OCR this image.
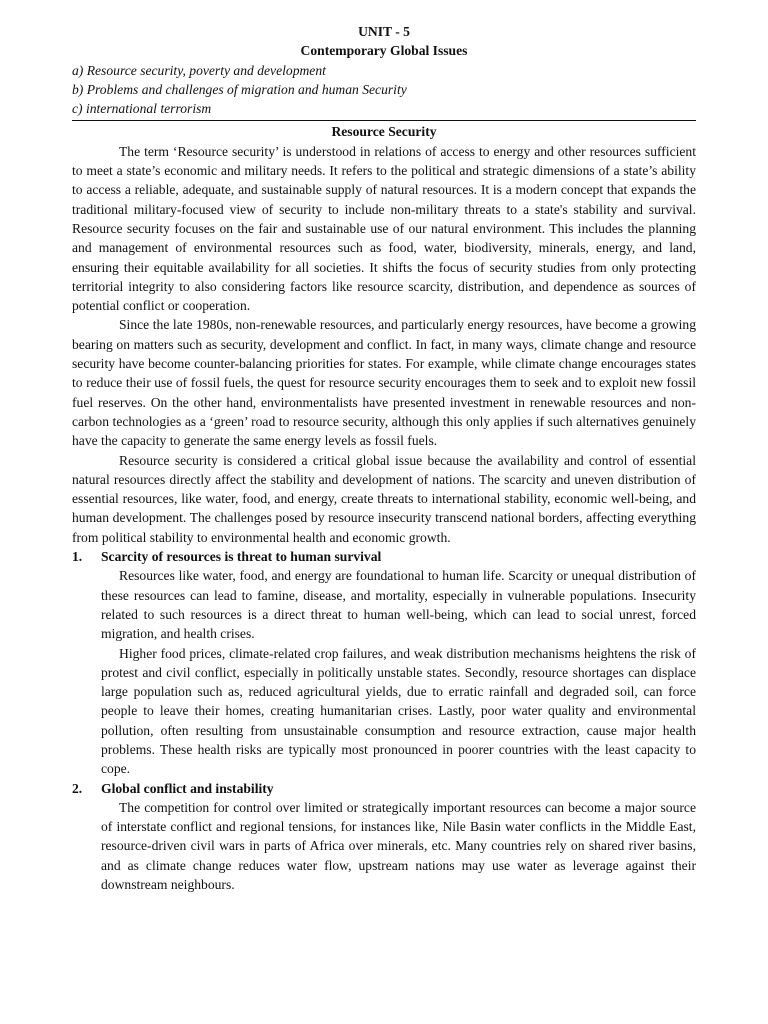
UNIT - 5

Contemporary Global Issues

a) Resource security, poverty and development

b) Problems and challenges of migration and human Security

c) international terrorism

Resource Security

The term ‘Resource security’ is understood in relations of access to energy and other resources sufficient to meet a state’s economic and military needs. It refers to the political and strategic dimensions of a state’s ability to access a reliable, adequate, and sustainable supply of natural resources. It is a modern concept that expands the traditional military-focused view of security to include non-military threats to a state's stability and survival. Resource security focuses on the fair and sustainable use of our natural environment. This includes the planning and management of environmental resources such as food, water, biodiversity, minerals, energy, and land, ensuring their equitable availability for all societies. It shifts the focus of security studies from only protecting territorial integrity to also considering factors like resource scarcity, distribution, and dependence as sources of potential conflict or cooperation.

Since the late 1980s, non-renewable resources, and particularly energy resources, have become a growing bearing on matters such as security, development and conflict. In fact, in many ways, climate change and resource security have become counter-balancing priorities for states. For example, while climate change encourages states to reduce their use of fossil fuels, the quest for resource security encourages them to seek and to exploit new fossil fuel reserves. On the other hand, environmentalists have presented investment in renewable resources and non-carbon technologies as a ‘green’ road to resource security, although this only applies if such alternatives genuinely have the capacity to generate the same energy levels as fossil fuels.

Resource security is considered a critical global issue because the availability and control of essential natural resources directly affect the stability and development of nations. The scarcity and uneven distribution of essential resources, like water, food, and energy, create threats to international stability, economic well-being, and human development. The challenges posed by resource insecurity transcend national borders, affecting everything from political stability to environmental health and economic growth.

1.	Scarcity of resources is threat to human survival

Resources like water, food, and energy are foundational to human life. Scarcity or unequal distribution of these resources can lead to famine, disease, and mortality, especially in vulnerable populations. Insecurity related to such resources is a direct threat to human well-being, which can lead to social unrest, forced migration, and health crises.

Higher food prices, climate-related crop failures, and weak distribution mechanisms heightens the risk of protest and civil conflict, especially in politically unstable states. Secondly, resource shortages can displace large population such as, reduced agricultural yields, due to erratic rainfall and degraded soil, can force people to leave their homes, creating humanitarian crises. Lastly, poor water quality and environmental pollution, often resulting from unsustainable consumption and resource extraction, cause major health problems. These health risks are typically most pronounced in poorer countries with the least capacity to cope.

2.	Global conflict and instability

The competition for control over limited or strategically important resources can become a major source of interstate conflict and regional tensions, for instances like, Nile Basin water conflicts in the Middle East, resource-driven civil wars in parts of Africa over minerals, etc. Many countries rely on shared river basins, and as climate change reduces water flow, upstream nations may use water as leverage against their downstream neighbours.
